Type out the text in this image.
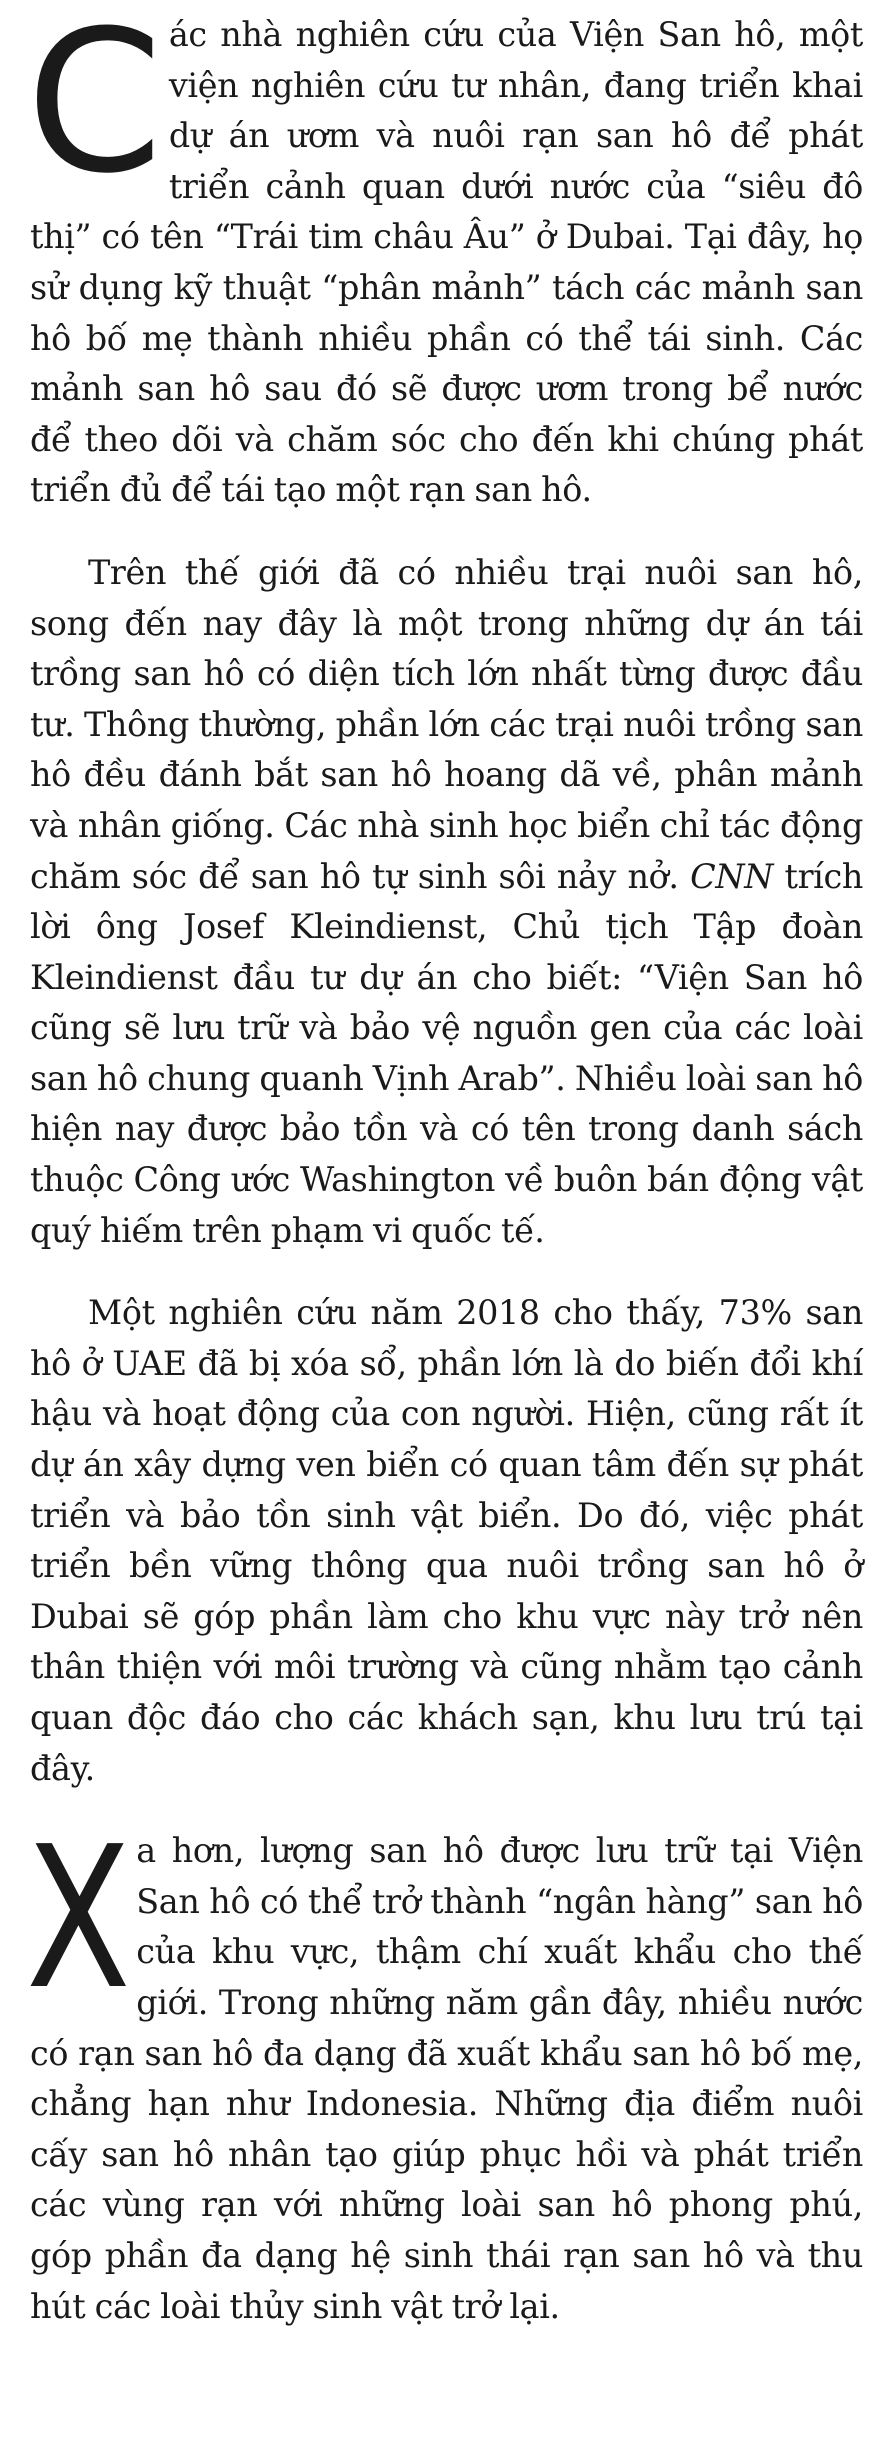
Các nhà nghiên cứu của Viện San hô, một viện nghiên cứu tư nhân, đang triển khai dự án ươm và nuôi rạn san hô để phát triển cảnh quan dưới nước của “siêu đô thị” có tên “Trái tim châu Âu” ở Dubai. Tại đây, họ sử dụng kỹ thuật “phân mảnh” tách các mảnh san hô bố mẹ thành nhiều phần có thể tái sinh. Các mảnh san hô sau đó sẽ được ươm trong bể nước để theo dõi và chăm sóc cho đến khi chúng phát triển đủ để tái tạo một rạn san hô.

Trên thế giới đã có nhiều trại nuôi san hô, song đến nay đây là một trong những dự án tái trồng san hô có diện tích lớn nhất từng được đầu tư. Thông thường, phần lớn các trại nuôi trồng san hô đều đánh bắt san hô hoang dã về, phân mảnh và nhân giống. Các nhà sinh học biển chỉ tác động chăm sóc để san hô tự sinh sôi nảy nở. CNN trích lời ông Josef Kleindienst, Chủ tịch Tập đoàn Kleindienst đầu tư dự án cho biết: “Viện San hô cũng sẽ lưu trữ và bảo vệ nguồn gen của các loài san hô chung quanh Vịnh Arab”. Nhiều loài san hô hiện nay được bảo tồn và có tên trong danh sách thuộc Công ước Washington về buôn bán động vật quý hiếm trên phạm vi quốc tế.

Một nghiên cứu năm 2018 cho thấy, 73% san hô ở UAE đã bị xóa sổ, phần lớn là do biến đổi khí hậu và hoạt động của con người. Hiện, cũng rất ít dự án xây dựng ven biển có quan tâm đến sự phát triển và bảo tồn sinh vật biển. Do đó, việc phát triển bền vững thông qua nuôi trồng san hô ở Dubai sẽ góp phần làm cho khu vực này trở nên thân thiện với môi trường và cũng nhằm tạo cảnh quan độc đáo cho các khách sạn, khu lưu trú tại đây.

Xa hơn, lượng san hô được lưu trữ tại Viện San hô có thể trở thành “ngân hàng” san hô của khu vực, thậm chí xuất khẩu cho thế giới. Trong những năm gần đây, nhiều nước có rạn san hô đa dạng đã xuất khẩu san hô bố mẹ, chẳng hạn như Indonesia. Những địa điểm nuôi cấy san hô nhân tạo giúp phục hồi và phát triển các vùng rạn với những loài san hô phong phú, góp phần đa dạng hệ sinh thái rạn san hô và thu hút các loài thủy sinh vật trở lại.
